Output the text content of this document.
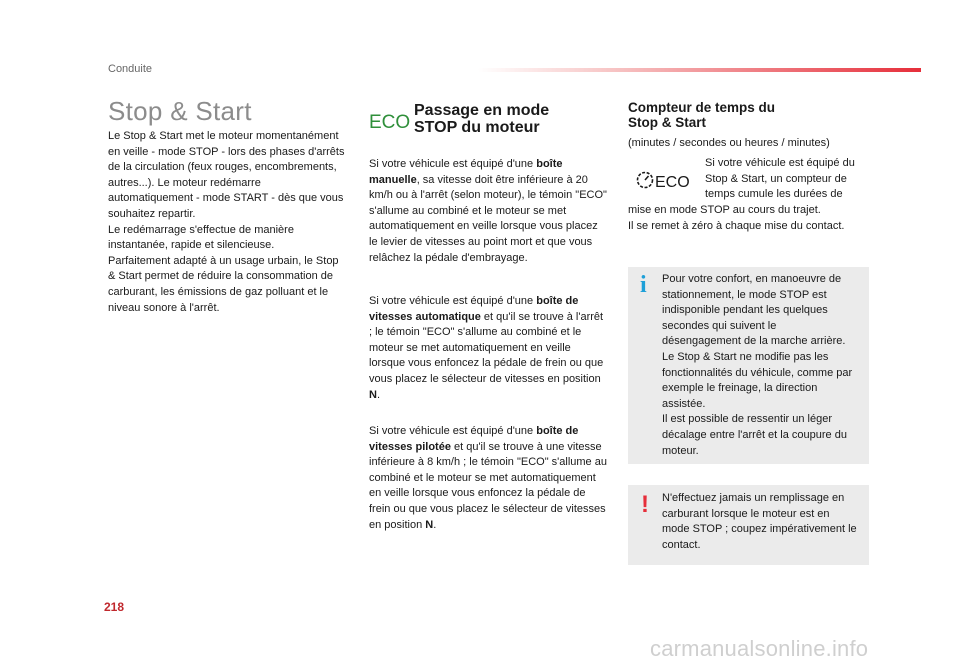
Conduite
Stop & Start

Le Stop & Start met le moteur momentanément en veille - mode STOP - lors des phases d'arrêts de la circulation (feux rouges, encombrements, autres...). Le moteur redémarre automatiquement - mode START - dès que vous souhaitez repartir.

Le redémarrage s'effectue de manière instantanée, rapide et silencieuse.

Parfaitement adapté à un usage urbain, le Stop & Start permet de réduire la consommation de carburant, les émissions de gaz polluant et le niveau sonore à l'arrêt.

ECO
Passage en mode
STOP du moteur
Si votre véhicule est équipé d'une boîte manuelle, sa vitesse doit être inférieure à 20 km/h ou à l'arrêt (selon moteur), le témoin "ECO" s'allume au combiné et le moteur se met automatiquement en veille lorsque vous placez le levier de vitesses au point mort et que vous relâchez la pédale d'embrayage.
Si votre véhicule est équipé d'une boîte de vitesses automatique et qu'il se trouve à l'arrêt ; le témoin "ECO" s'allume au combiné et le moteur se met automatiquement en veille lorsque vous enfoncez la pédale de frein ou que vous placez le sélecteur de vitesses en position N.
Si votre véhicule est équipé d'une boîte de vitesses pilotée et qu'il se trouve à une vitesse inférieure à 8 km/h ; le témoin "ECO" s'allume au combiné et le moteur se met automatiquement en veille lorsque vous enfoncez la pédale de frein ou que vous placez le sélecteur de vitesses en position N.
Compteur de temps du
Stop & Start
(minutes / secondes ou heures / minutes)
ECO
Si votre véhicule est équipé du Stop & Start, un compteur de temps cumule les durées de

mise en mode STOP au cours du trajet.

Il se remet à zéro à chaque mise du contact.

i Pour votre confort, en manoeuvre de stationnement, le mode STOP est indisponible pendant les quelques secondes qui suivent le désengagement de la marche arrière.

Le Stop & Start ne modifie pas les fonctionnalités du véhicule, comme par exemple le freinage, la direction assistée.

Il est possible de ressentir un léger décalage entre l'arrêt et la coupure du moteur.

! N'effectuez jamais un remplissage en carburant lorsque le moteur est en mode STOP ; coupez impérativement le contact.
218
carmanualsonline.info
